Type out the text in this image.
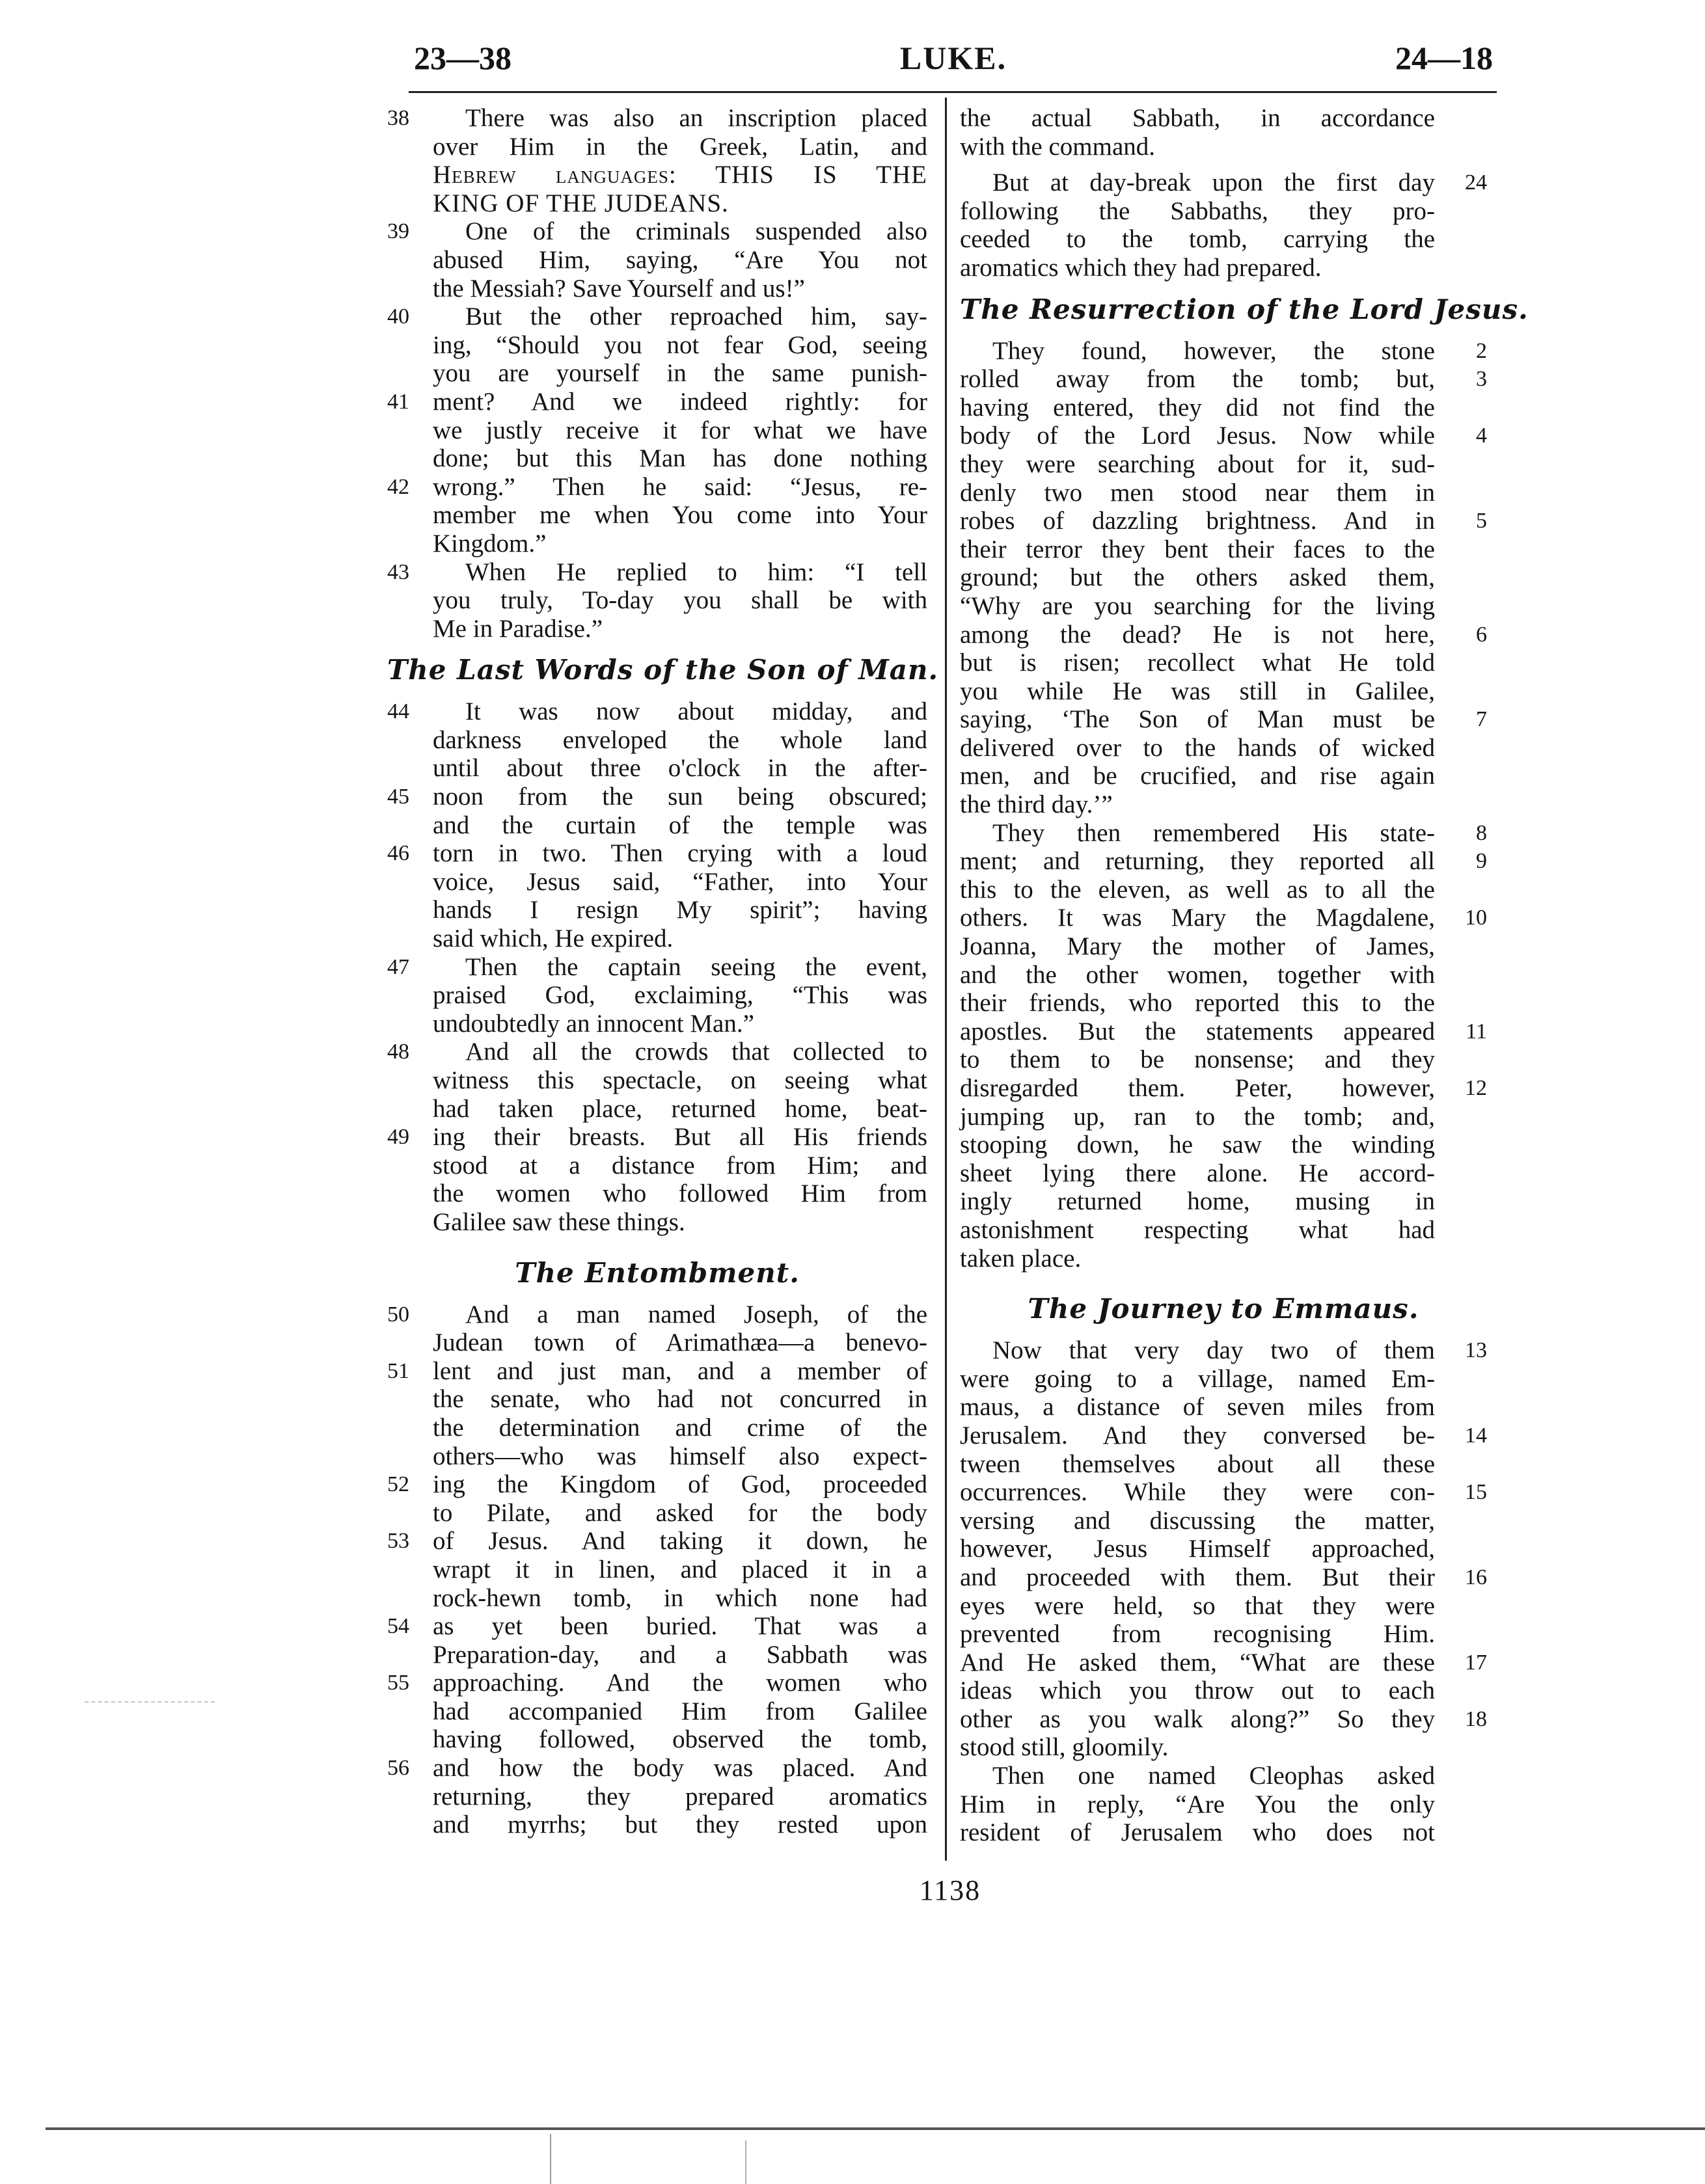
23—38	LUKE.	24—18
38	There was also an inscription placed
over Him in the Greek, Latin, and
Hebrew languages: THIS IS THE
KING OF THE JUDEANS.
39	One of the criminals suspended also
abused Him, saying, “Are You not
the Messiah? Save Yourself and us!”
40	But the other reproached him, say-
ing, “Should you not fear God, seeing
you are yourself in the same punish-
41 ment? And we indeed rightly: for
we justly receive it for what we have
done; but this Man has done nothing
42 wrong.” Then he said: “Jesus, re-
member me when You come into Your
Kingdom.”
43	When He replied to him: “I tell
you truly, To-day you shall be with
Me in Paradise.”
The Last Words of the Son of Man.
44	It was now about midday, and
darkness enveloped the whole land
until about three o'clock in the after-
45 noon from the sun being obscured;
and the curtain of the temple was
46 torn in two. Then crying with a loud
voice, Jesus said, “Father, into Your
hands I resign My spirit”; having
said which, He expired.
47	Then the captain seeing the event,
praised God, exclaiming, “This was
undoubtedly an innocent Man.”
48	And all the crowds that collected to
witness this spectacle, on seeing what
had taken place, returned home, beat-
49 ing their breasts. But all His friends
stood at a distance from Him; and
the women who followed Him from
Galilee saw these things.
The Entombment.
50	And a man named Joseph, of the
Judean town of Arimathæa—a benevo-
51 lent and just man, and a member of
the senate, who had not concurred in
the determination and crime of the
others—who was himself also expect-
52 ing the Kingdom of God, proceeded
to Pilate, and asked for the body
53 of Jesus. And taking it down, he
wrapt it in linen, and placed it in a
rock-hewn tomb, in which none had
54 as yet been buried. That was a
Preparation-day, and a Sabbath was
55 approaching. And the women who
had accompanied Him from Galilee
having followed, observed the tomb,
56 and how the body was placed. And
returning, they prepared aromatics
and myrrhs; but they rested upon
the actual Sabbath, in accordance
with the command.
24
But at day-break upon the first day
following the Sabbaths, they pro-
ceeded to the tomb, carrying the
aromatics which they had prepared.
The Resurrection of the Lord Jesus.
2
They found, however, the stone
3
rolled away from the tomb; but,
having entered, they did not find the
4
body of the Lord Jesus. Now while
they were searching about for it, sud-
denly two men stood near them in
5
robes of dazzling brightness. And in
their terror they bent their faces to the
ground; but the others asked them,
“Why are you searching for the living
6
among the dead? He is not here,
but is risen; recollect what He told
you while He was still in Galilee,
7
saying, ‘The Son of Man must be
delivered over to the hands of wicked
men, and be crucified, and rise again
the third day.’”
8
They then remembered His state-
9
ment; and returning, they reported all
this to the eleven, as well as to all the
10
others. It was Mary the Magdalene,
Joanna, Mary the mother of James,
and the other women, together with
their friends, who reported this to the
11
apostles. But the statements appeared
to them to be nonsense; and they
12
disregarded them. Peter, however,
jumping up, ran to the tomb; and,
stooping down, he saw the winding
sheet lying there alone. He accord-
ingly returned home, musing in
astonishment respecting what had
taken place.
The Journey to Emmaus.
13
Now that very day two of them
were going to a village, named Em-
maus, a distance of seven miles from
14
Jerusalem. And they conversed be-
tween themselves about all these
15
occurrences. While they were con-
versing and discussing the matter,
however, Jesus Himself approached,
16
and proceeded with them. But their
eyes were held, so that they were
prevented from recognising Him.
17
And He asked them, “What are these
ideas which you throw out to each
18
other as you walk along?” So they
stood still, gloomily.
Then one named Cleophas asked
Him in reply, “Are You the only
resident of Jerusalem who does not
1138
